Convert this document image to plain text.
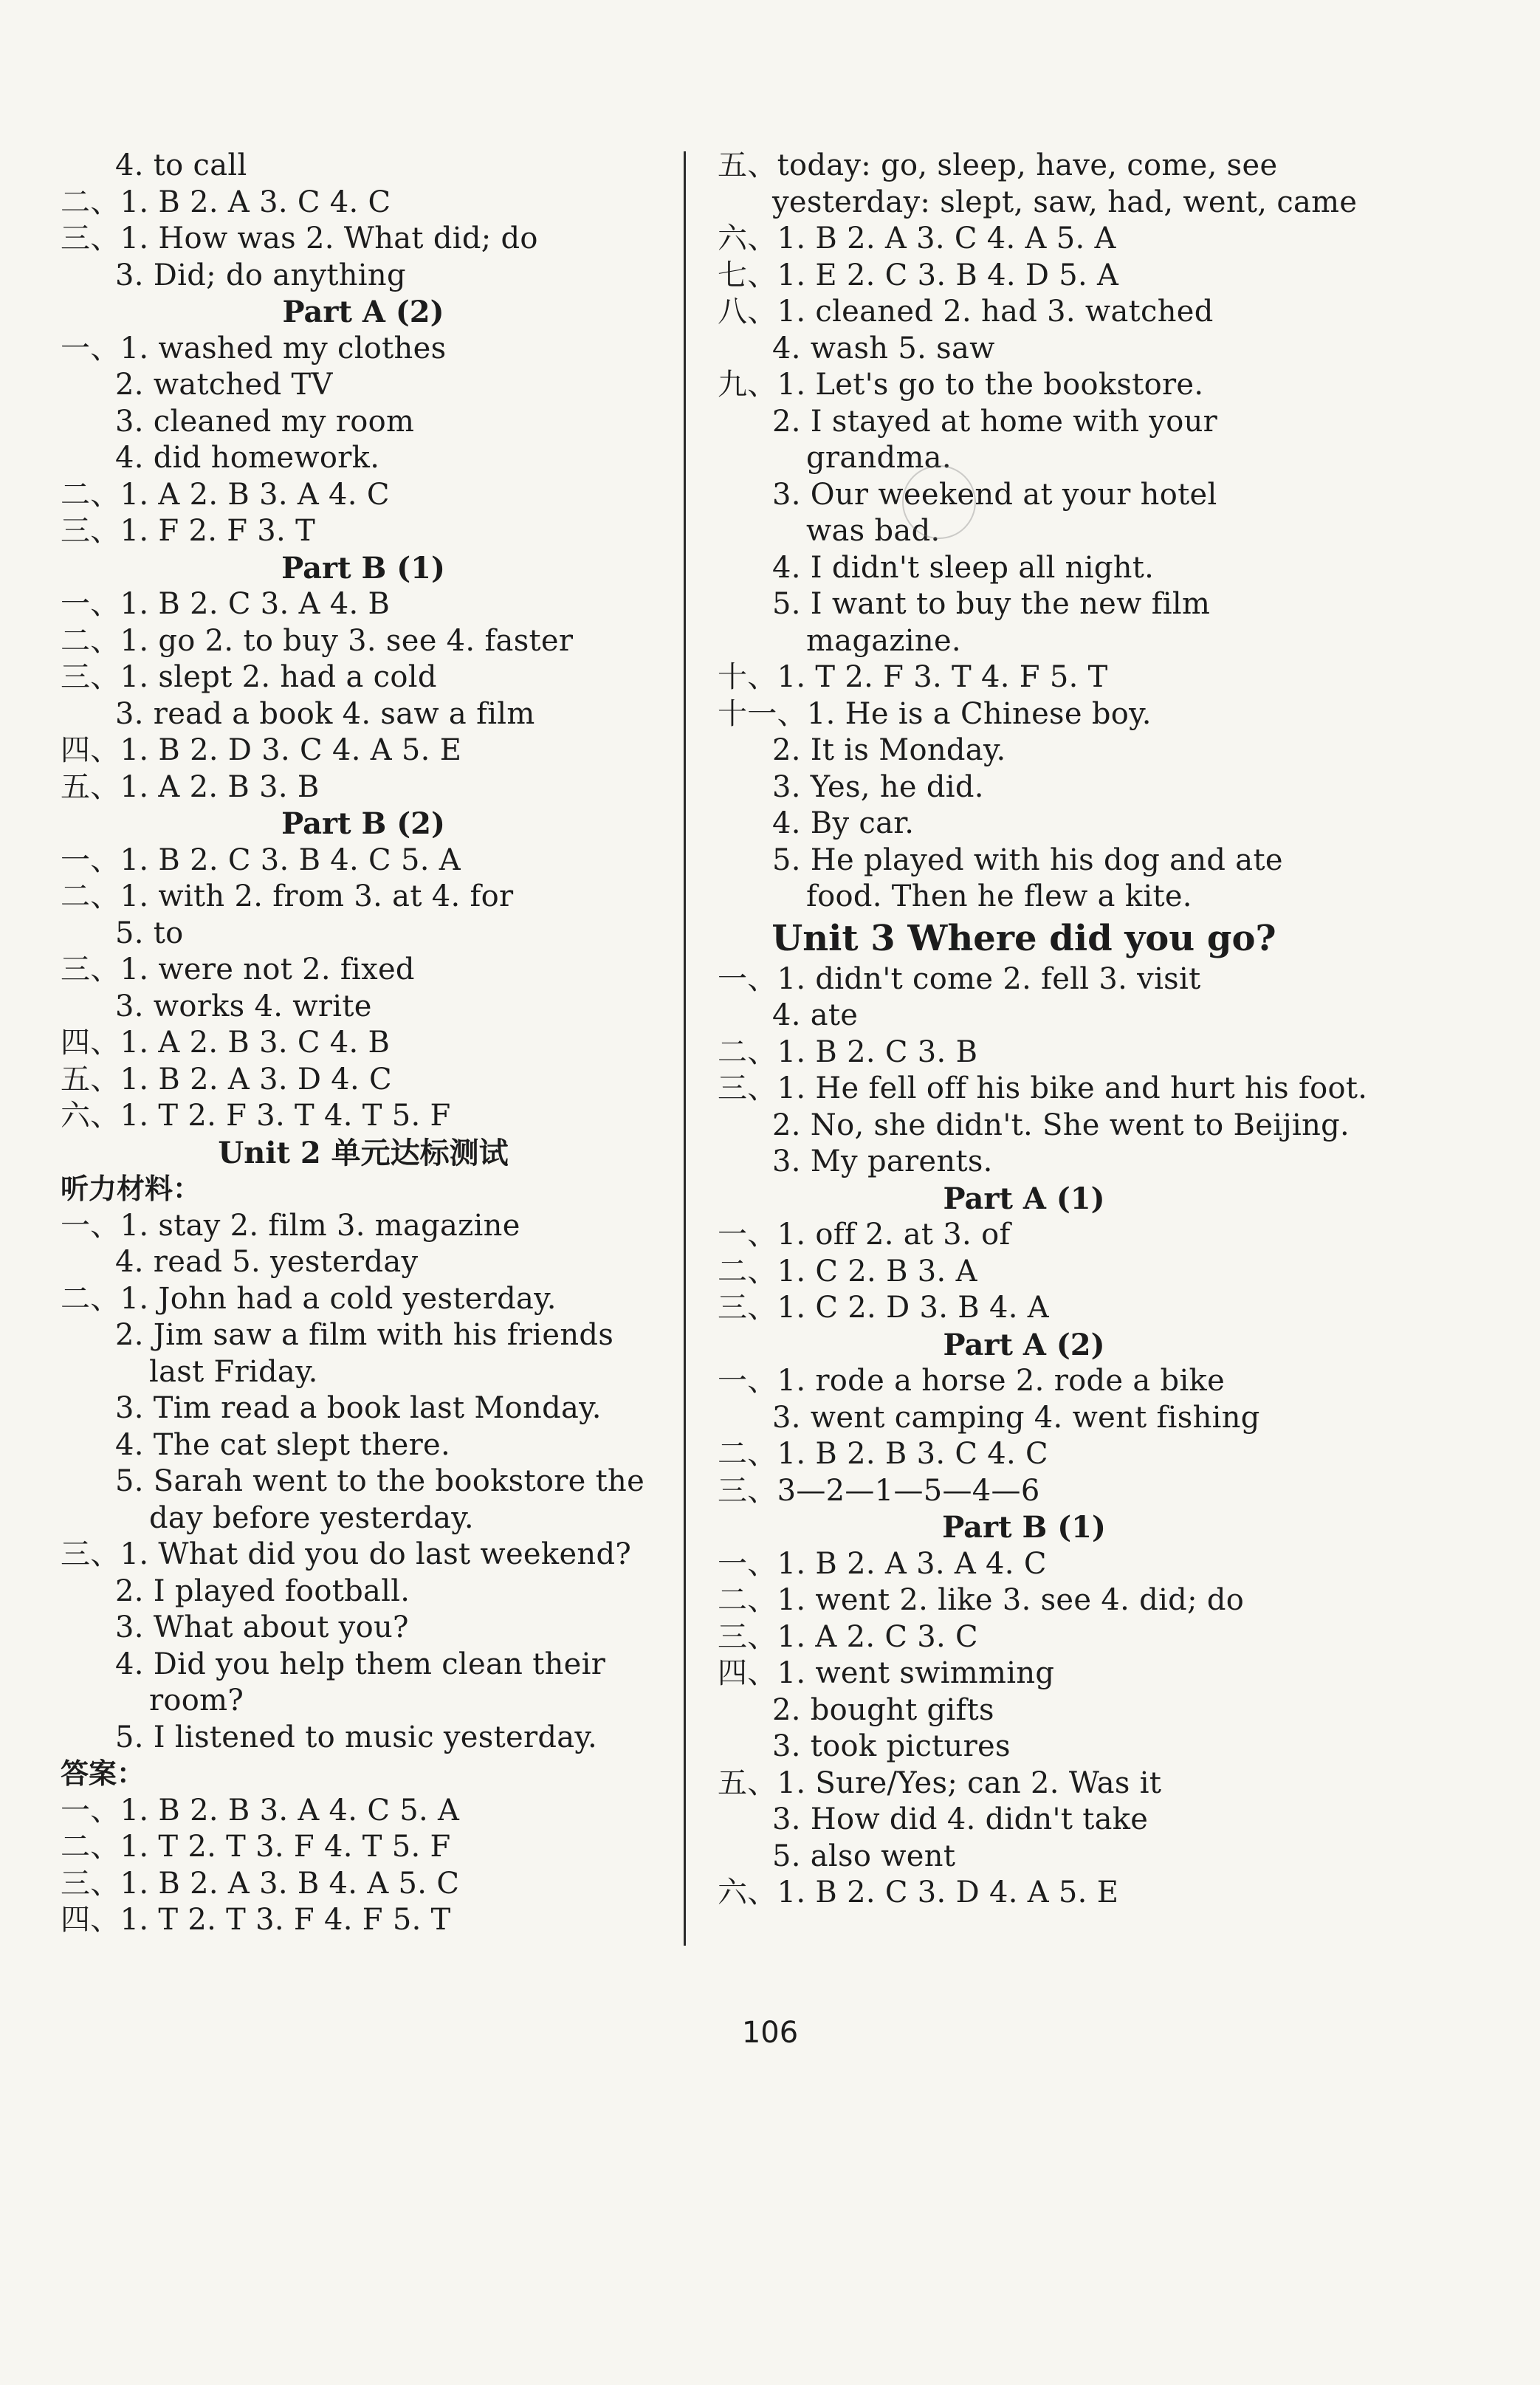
4. to call
二、1. B 2. A 3. C 4. C
三、1. How was 2. What did; do
3. Did; do anything
Part A (2)
一、1. washed my clothes
2. watched TV
3. cleaned my room
4. did homework.
二、1. A 2. B 3. A 4. C
三、1. F 2. F 3. T
Part B (1)
一、1. B 2. C 3. A 4. B
二、1. go 2. to buy 3. see 4. faster
三、1. slept 2. had a cold
3. read a book 4. saw a film
四、1. B 2. D 3. C 4. A 5. E
五、1. A 2. B 3. B
Part B (2)
一、1. B 2. C 3. B 4. C 5. A
二、1. with 2. from 3. at 4. for
5. to
三、1. were not 2. fixed
3. works 4. write
四、1. A 2. B 3. C 4. B
五、1. B 2. A 3. D 4. C
六、1. T 2. F 3. T 4. T 5. F
Unit 2 单元达标测试
听力材料：
一、1. stay 2. film 3. magazine
4. read 5. yesterday
二、1. John had a cold yesterday.
2. Jim saw a film with his friends
last Friday.
3. Tim read a book last Monday.
4. The cat slept there.
5. Sarah went to the bookstore the
day before yesterday.
三、1. What did you do last weekend?
2. I played football.
3. What about you?
4. Did you help them clean their
room?
5. I listened to music yesterday.
答案：
一、1. B 2. B 3. A 4. C 5. A
二、1. T 2. T 3. F 4. T 5. F
三、1. B 2. A 3. B 4. A 5. C
四、1. T 2. T 3. F 4. F 5. T
五、today: go, sleep, have, come, see
yesterday: slept, saw, had, went, came
六、1. B 2. A 3. C 4. A 5. A
七、1. E 2. C 3. B 4. D 5. A
八、1. cleaned 2. had 3. watched
4. wash 5. saw
九、1. Let's go to the bookstore.
2. I stayed at home with your
grandma.
3. Our weekend at your hotel
was bad.
4. I didn't sleep all night.
5. I want to buy the new film
magazine.
十、1. T 2. F 3. T 4. F 5. T
十一、1. He is a Chinese boy.
2. It is Monday.
3. Yes, he did.
4. By car.
5. He played with his dog and ate
food. Then he flew a kite.
Unit 3 Where did you go?
一、1. didn't come 2. fell 3. visit
4. ate
二、1. B 2. C 3. B
三、1. He fell off his bike and hurt his foot.
2. No, she didn't. She went to Beijing.
3. My parents.
Part A (1)
一、1. off 2. at 3. of
二、1. C 2. B 3. A
三、1. C 2. D 3. B 4. A
Part A (2)
一、1. rode a horse 2. rode a bike
3. went camping 4. went fishing
二、1. B 2. B 3. C 4. C
三、3—2—1—5—4—6
Part B (1)
一、1. B 2. A 3. A 4. C
二、1. went 2. like 3. see 4. did; do
三、1. A 2. C 3. C
四、1. went swimming
2. bought gifts
3. took pictures
五、1. Sure/Yes; can 2. Was it
3. How did 4. didn't take
5. also went
六、1. B 2. C 3. D 4. A 5. E
106
